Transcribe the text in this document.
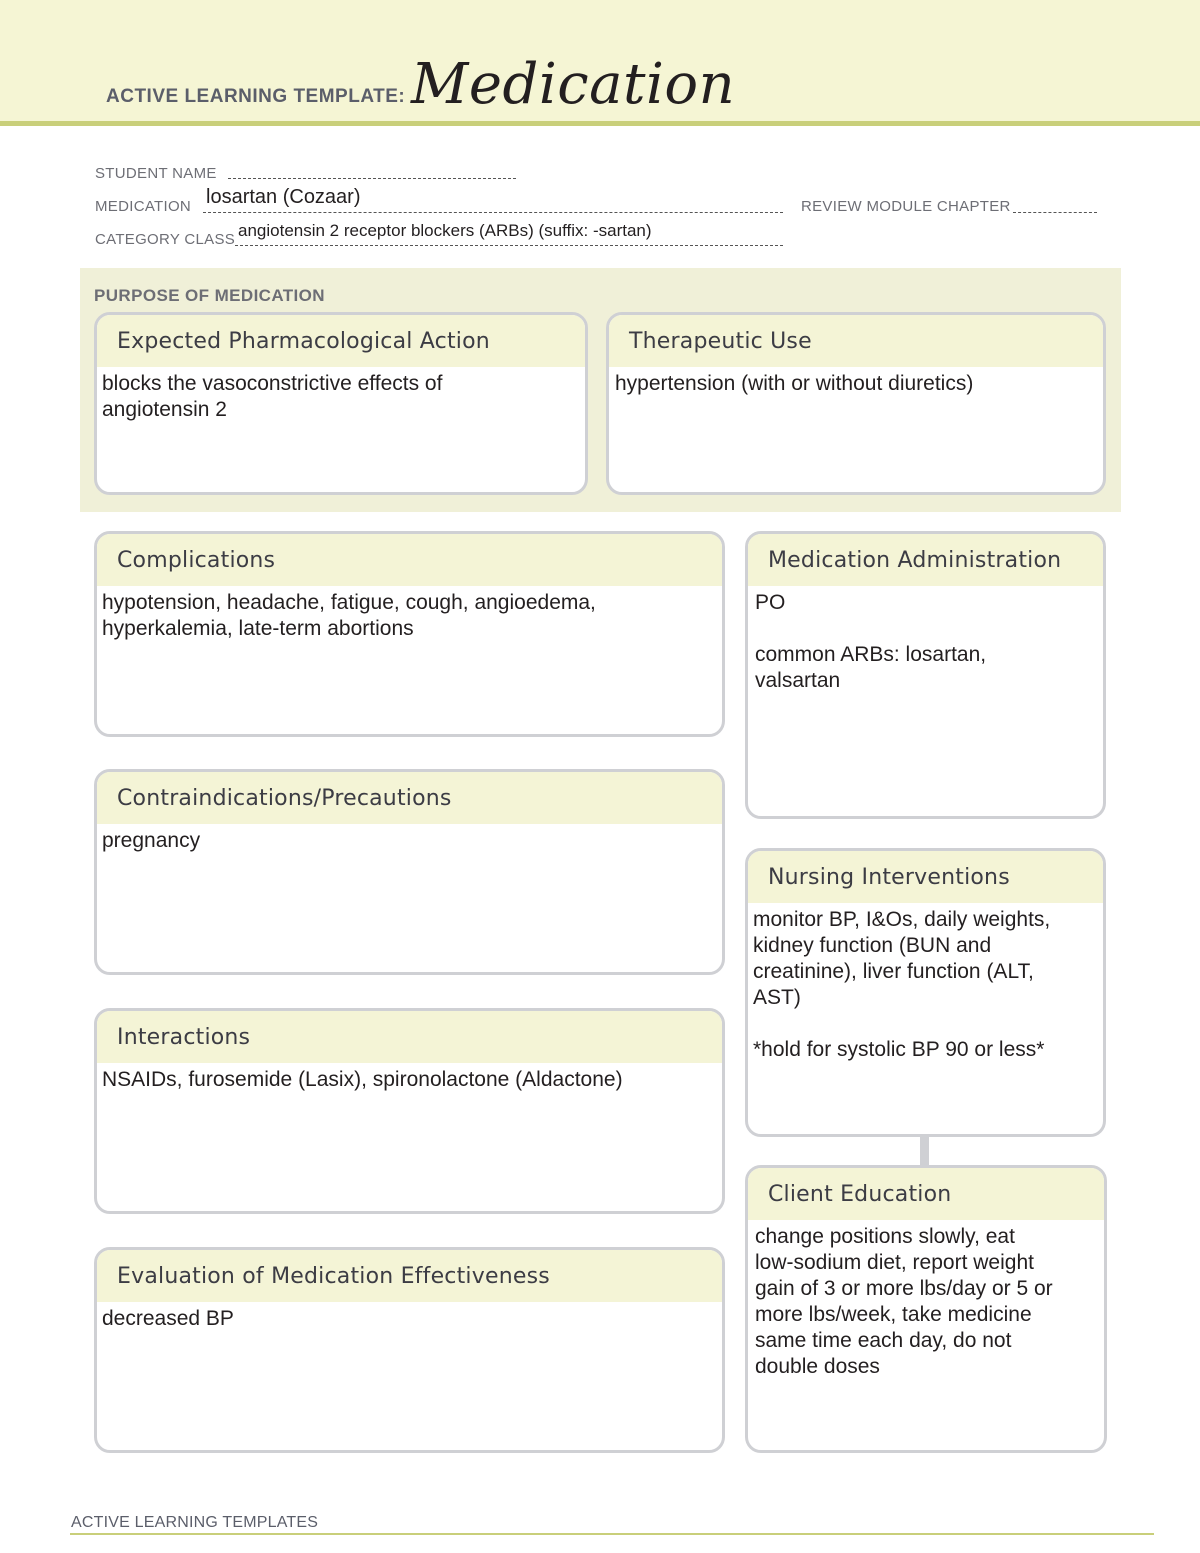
ACTIVE LEARNING TEMPLATE: Medication
STUDENT NAME
MEDICATION losartan (Cozaar)	REVIEW MODULE CHAPTER
CATEGORY CLASS angiotensin 2 receptor blockers (ARBs) (suffix: -sartan)
PURPOSE OF MEDICATION
Expected Pharmacological Action
blocks the vasoconstrictive effects of
angiotensin 2
Therapeutic Use
hypertension (with or without diuretics)
Complications
hypotension, headache, fatigue, cough, angioedema,
hyperkalemia, late-term abortions
Contraindications/Precautions
pregnancy
Interactions
NSAIDs, furosemide (Lasix), spironolactone (Aldactone)
Evaluation of Medication Effectiveness
decreased BP
Medication Administration
PO

common ARBs: losartan,
valsartan
Nursing Interventions
monitor BP, I&Os, daily weights,
kidney function (BUN and
creatinine), liver function (ALT,
AST)

*hold for systolic BP 90 or less*
Client Education
change positions slowly, eat
low-sodium diet, report weight
gain of 3 or more lbs/day or 5 or
more lbs/week, take medicine
same time each day, do not
double doses
ACTIVE LEARNING TEMPLATES
